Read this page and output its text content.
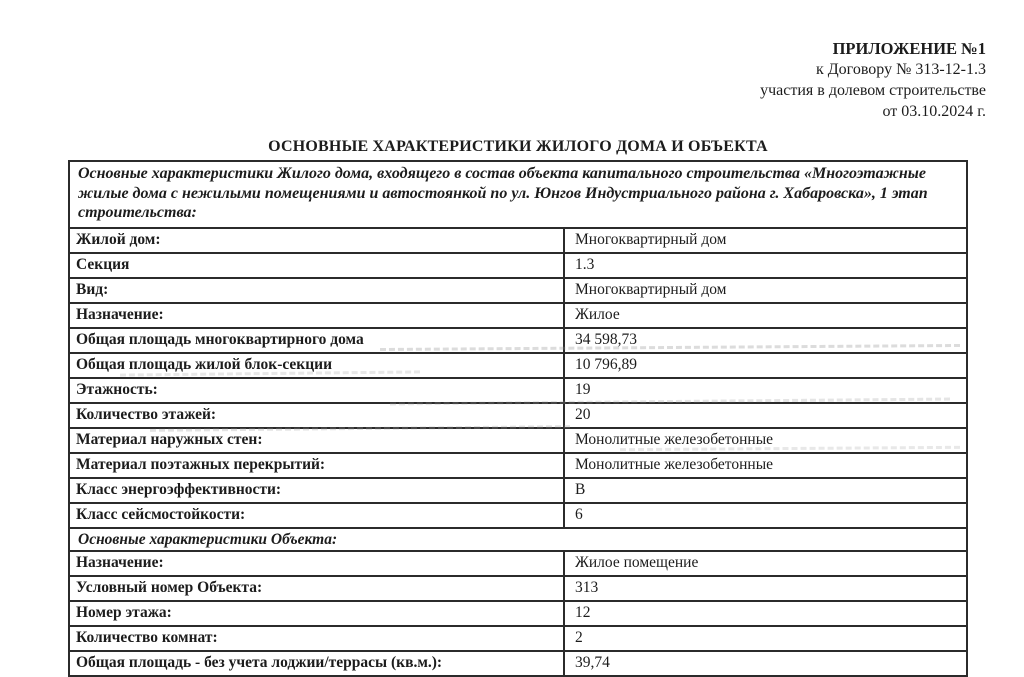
ПРИЛОЖЕНИЕ №1
к Договору № 313-12-1.3
участия в долевом строительстве
от 03.10.2024 г.
ОСНОВНЫЕ ХАРАКТЕРИСТИКИ ЖИЛОГО ДОМА И ОБЪЕКТА
Основные характеристики Жилого дома, входящего в состав объекта капитального строительства «Многоэтажные жилые дома с нежилыми помещениями и автостоянкой по ул. Юнгов Индустриального района г. Хабаровска», 1 этап строительства:
Жилой дом:	Многоквартирный дом
Секция	1.3
Вид:	Многоквартирный дом
Назначение:	Жилое
Общая площадь многоквартирного дома	34 598,73
Общая площадь жилой блок-секции	10 796,89
Этажность:	19
Количество этажей:	20
Материал наружных стен:	Монолитные железобетонные
Материал поэтажных перекрытий:	Монолитные железобетонные
Класс энергоэффективности:	В
Класс сейсмостойкости:	6
Основные характеристики Объекта:
Назначение:	Жилое помещение
Условный номер Объекта:	313
Номер этажа:	12
Количество комнат:	2
Общая площадь - без учета лоджии/террасы (кв.м.):	39,74
